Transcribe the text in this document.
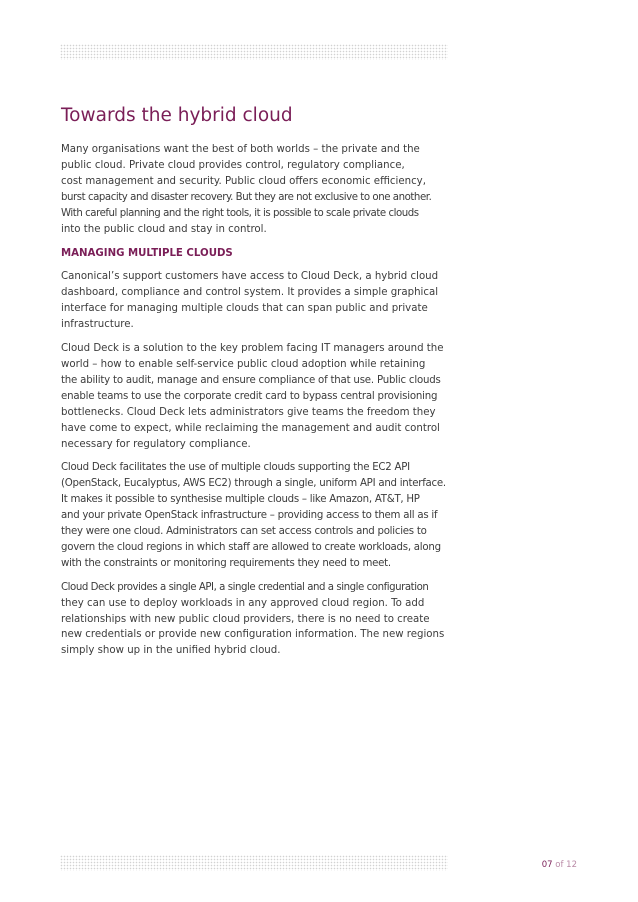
Towards the hybrid cloud

Many organisations want the best of both worlds – the private and the
public cloud. Private cloud provides control, regulatory compliance,
cost management and security. Public cloud offers economic efficiency,
burst capacity and disaster recovery. But they are not exclusive to one another.
With careful planning and the right tools, it is possible to scale private clouds
into the public cloud and stay in control.

MANAGING MULTIPLE CLOUDS

Canonical’s support customers have access to Cloud Deck, a hybrid cloud
dashboard, compliance and control system. It provides a simple graphical
interface for managing multiple clouds that can span public and private
infrastructure.

Cloud Deck is a solution to the key problem facing IT managers around the
world – how to enable self-service public cloud adoption while retaining
the ability to audit, manage and ensure compliance of that use. Public clouds
enable teams to use the corporate credit card to bypass central provisioning
bottlenecks. Cloud Deck lets administrators give teams the freedom they
have come to expect, while reclaiming the management and audit control
necessary for regulatory compliance.

Cloud Deck facilitates the use of multiple clouds supporting the EC2 API
(OpenStack, Eucalyptus, AWS EC2) through a single, uniform API and interface.
It makes it possible to synthesise multiple clouds – like Amazon, AT&T, HP
and your private OpenStack infrastructure – providing access to them all as if
they were one cloud. Administrators can set access controls and policies to
govern the cloud regions in which staff are allowed to create workloads, along
with the constraints or monitoring requirements they need to meet.

Cloud Deck provides a single API, a single credential and a single configuration
they can use to deploy workloads in any approved cloud region. To add
relationships with new public cloud providers, there is no need to create
new credentials or provide new configuration information. The new regions
simply show up in the unified hybrid cloud.

07 of 12
